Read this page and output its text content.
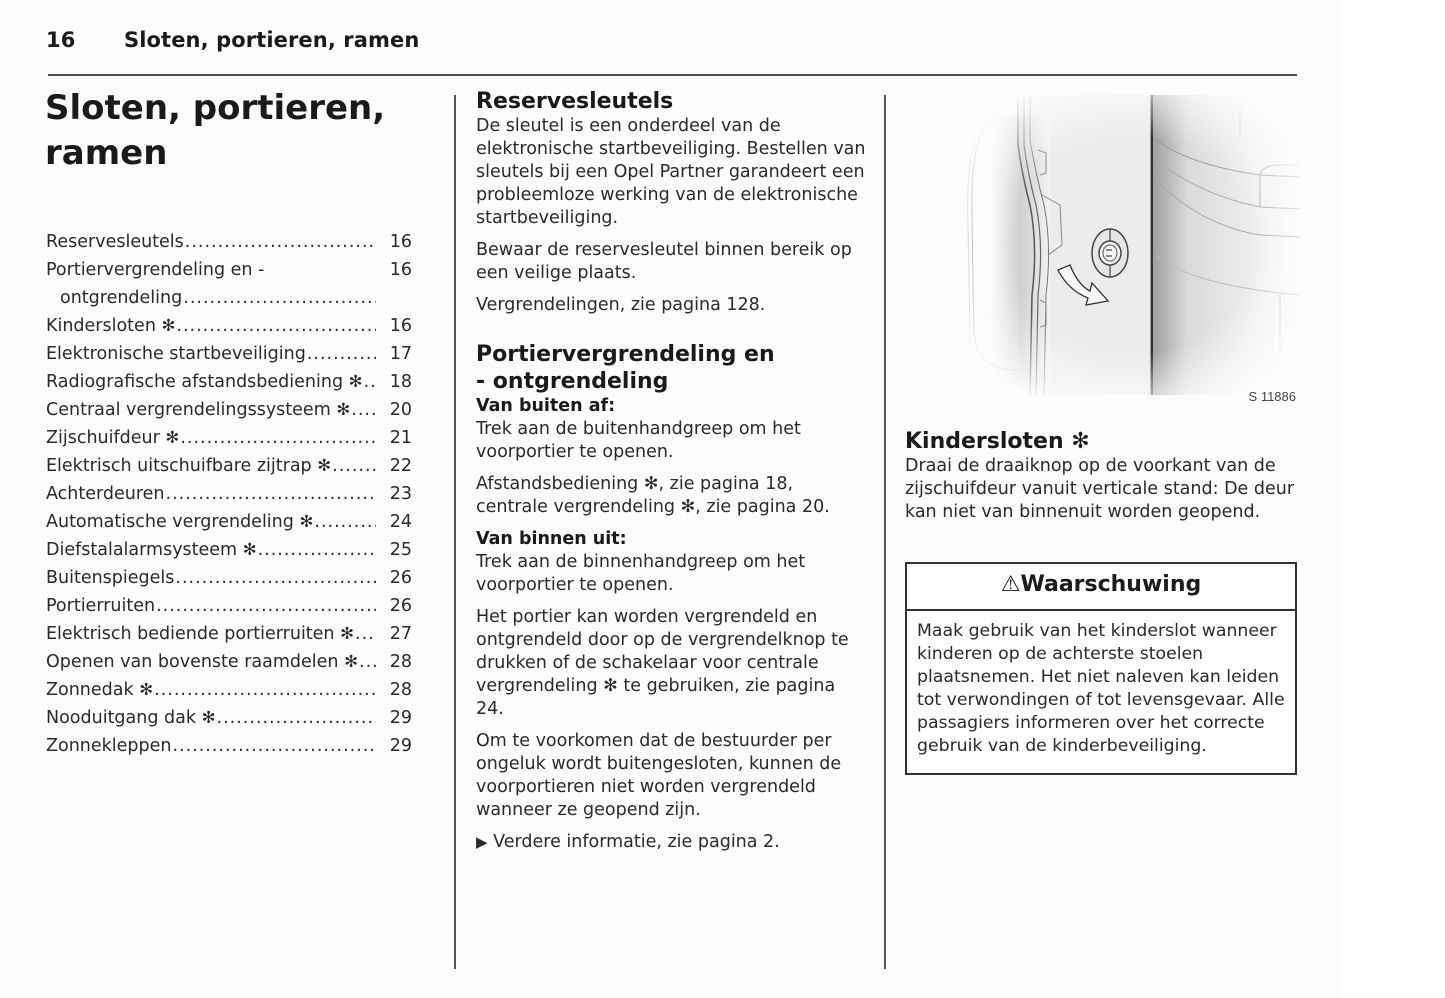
16 Sloten, portieren, ramen
Sloten, portieren, ramen
Reservesleutels .....	16
Portiervergrendeling en -	16
ontgrendeling
.....
Kindersloten ✻ .....	16
Elektronische startbeveiliging .....	17
Radiografische afstandsbediening ✻ .....	18
Centraal vergrendelingssysteem ✻ .....	20
Zijschuifdeur ✻ .....	21
Elektrisch uitschuifbare zijtrap ✻ .....	22
Achterdeuren .....	23
Automatische vergrendeling ✻ .....	24
Diefstalalarmsysteem ✻ .....	25
Buitenspiegels .....	26
Portierruiten .....	26
Elektrisch bediende portierruiten ✻ .....	27
Openen van bovenste raamdelen ✻ .....	28
Zonnedak ✻ .....	28
Nooduitgang dak ✻ .....	29
Zonnekleppen .....	29
Reservesleutels

De sleutel is een onderdeel van de elektronische startbeveiliging. Bestellen van sleutels bij een Opel Partner garandeert een probleemloze werking van de elektronische startbeveiliging.

Bewaar de reservesleutel binnen bereik op een veilige plaats.

Vergrendelingen, zie pagina 128.

Portiervergrendeling en - ontgrendeling
Van buiten af:

Trek aan de buitenhandgreep om het voorportier te openen.

Afstandsbediening ✻, zie pagina 18,
centrale vergrendeling ✻, zie pagina 20.

Van binnen uit:

Trek aan de binnenhandgreep om het voorportier te openen.

Het portier kan worden vergrendeld en ontgrendeld door op de vergrendelknop te drukken of de schakelaar voor centrale vergrendeling ✻ te gebruiken, zie pagina 24.

Om te voorkomen dat de bestuurder per ongeluk wordt buitengesloten, kunnen de voorportieren niet worden vergrendeld wanneer ze geopend zijn.

▶ Verdere informatie, zie pagina 2.

S 11886
Kindersloten ✻

Draai de draaiknop op de voorkant van de zijschuifdeur vanuit verticale stand: De deur kan niet van binnenuit worden geopend.

⚠Waarschuwing
Maak gebruik van het kinderslot wanneer kinderen op de achterste stoelen plaatsnemen. Het niet naleven kan leiden tot verwondingen of tot levensgevaar. Alle passagiers informeren over het correcte gebruik van de kinderbeveiliging.
